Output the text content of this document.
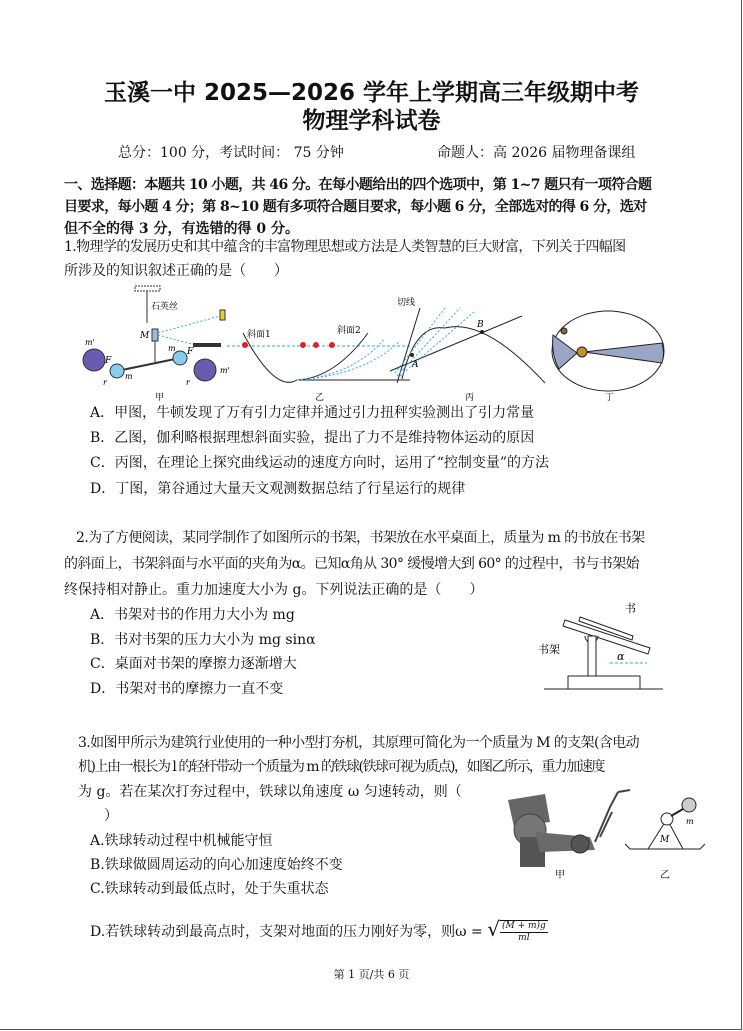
玉溪一中 2025—2026 学年上学期高三年级期中考
物理学科试卷
总分：100 分，考试时间： 75 分钟	命题人：高 2026 届物理备课组
一、选择题：本题共 10 小题，共 46 分。在每小题给出的四个选项中，第 1~7 题只有一项符合题
目要求，每小题 4 分；第 8~10 题有多项符合题目要求，每小题 6 分，全部选对的得 6 分，选对
但不全的得 3 分，有选错的得 0 分。
1.物理学的发展历史和其中蕴含的丰富物理思想或方法是人类智慧的巨大财富，下列关于四幅图
所涉及的知识叙述正确的是（　　）
石英丝
M
m'
m'
F
F
m
m
r	r
甲
斜面1	斜面2
乙
A
B
切线
丙	丁
A．甲图，牛顿发现了万有引力定律并通过引力扭秤实验测出了引力常量
B．乙图，伽利略根据理想斜面实验，提出了力不是维持物体运动的原因
C．丙图，在理论上探究曲线运动的速度方向时，运用了“控制变量”的方法
D．丁图，第谷通过大量天文观测数据总结了行星运行的规律
2.为了方便阅读，某同学制作了如图所示的书架，书架放在水平桌面上，质量为 m 的书放在书架
的斜面上，书架斜面与水平面的夹角为α。已知α角从 30° 缓慢增大到 60° 的过程中，书与书架始
终保持相对静止。重力加速度大小为 g。下列说法正确的是（　　）
书
书架
α
A．书架对书的作用力大小为 mg
B．书对书架的压力大小为 mg sinα
C．桌面对书架的摩擦力逐渐增大
D．书架对书的摩擦力一直不变
3.如图甲所示为建筑行业使用的一种小型打夯机，其原理可简化为一个质量为 M 的支架(含电动
机)上由一根长为 l 的轻杆带动一个质量为 m 的铁球(铁球可视为质点)，如图乙所示，重力加速度
为 g。若在某次打夯过程中，铁球以角速度 ω 匀速转动，则（
）
甲
M
m
乙
A.铁球转动过程中机械能守恒
B.铁球做圆周运动的向心加速度始终不变
C.铁球转动到最低点时，处于失重状态
D.若铁球转动到最高点时，支架对地面的压力刚好为零，则ω = √ $\frac{(M + m)g}{ml}$
第 1 页/共 6 页
